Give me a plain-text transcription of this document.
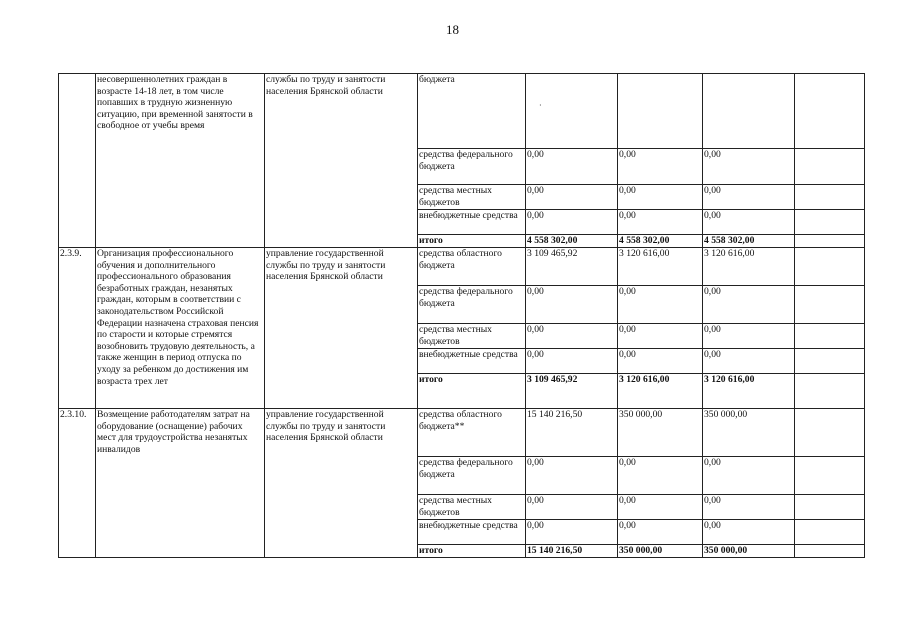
18
	несовершеннолетних граждан в возрасте 14-18 лет, в том числе попавших в трудную жизненную ситуацию, при временной занятости в свободное от учебы время	службы по труду и занятости населения Брянской области	бюджета	·			
			средства федерального бюджета	0,00	0,00	0,00	
			средства местных бюджетов	0,00	0,00	0,00	
			внебюджетные средства	0,00	0,00	0,00	
			итого	4 558 302,00	4 558 302,00	4 558 302,00	
2.3.9.	Организация профессионального обучения и дополнительного профессионального образования безработных граждан, незанятых граждан, которым в соответствии с законодательством Российской Федерации назначена страховая пенсия по старости и которые стремятся возобновить трудовую деятельность, а также женщин в период отпуска по уходу за ребенком до достижения им возраста трех лет	управление государственной службы по труду и занятости населения Брянской области	средства областного бюджета	3 109 465,92	3 120 616,00	3 120 616,00	
			средства федерального бюджета	0,00	0,00	0,00	
			средства местных бюджетов	0,00	0,00	0,00	
			внебюджетные средства	0,00	0,00	0,00	
			итого	3 109 465,92	3 120 616,00	3 120 616,00	
2.3.10.	Возмещение работодателям затрат на оборудование (оснащение) рабочих мест для трудоустройства незанятых инвалидов	управление государственной службы по труду и занятости населения Брянской области	средства областного бюджета**	15 140 216,50	350 000,00	350 000,00	
			средства федерального бюджета	0,00	0,00	0,00	
			средства местных бюджетов	0,00	0,00	0,00	
			внебюджетные средства	0,00	0,00	0,00	
			итого	15 140 216,50	350 000,00	350 000,00	
